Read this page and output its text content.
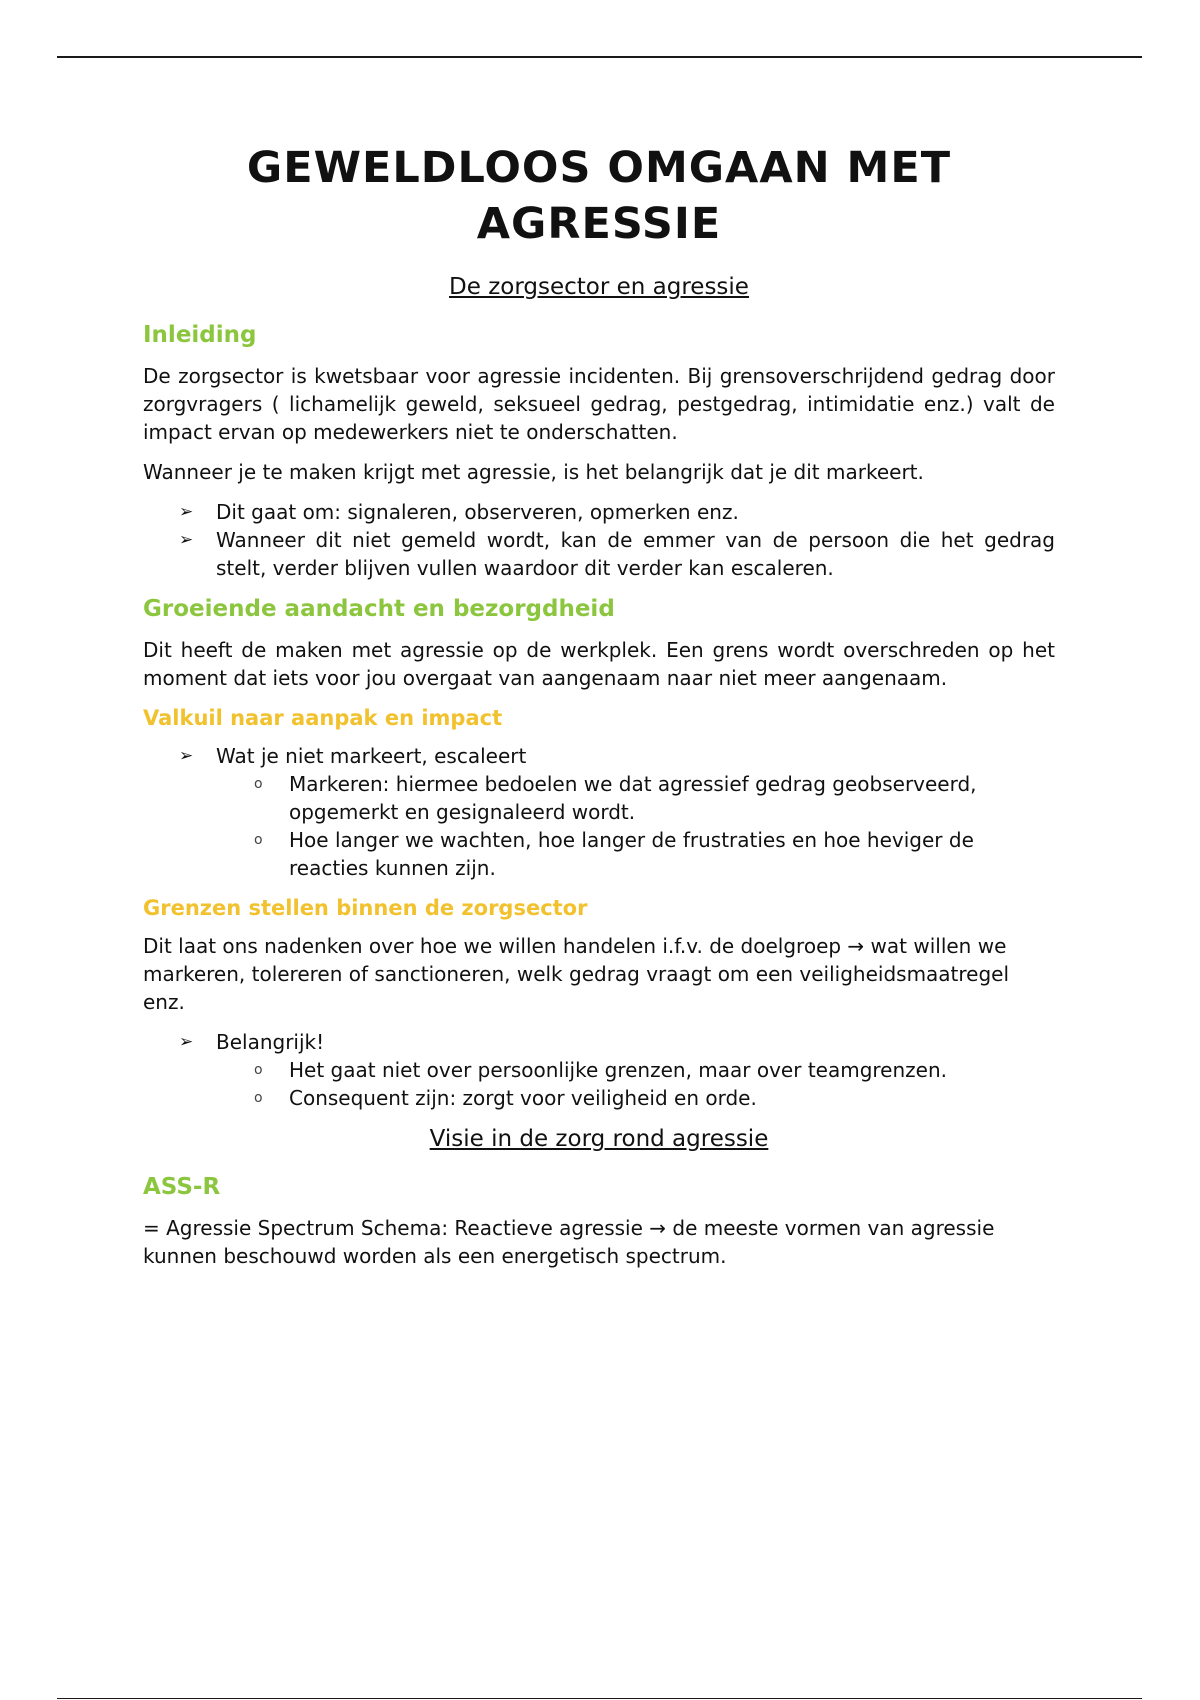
GEWELDLOOS OMGAAN MET AGRESSIE
De zorgsector en agressie
Inleiding

De zorgsector is kwetsbaar voor agressie incidenten. Bij grensoverschrijdend gedrag door zorgvragers ( lichamelijk geweld, seksueel gedrag, pestgedrag, intimidatie enz.) valt de impact ervan op medewerkers niet te onderschatten.

Wanneer je te maken krijgt met agressie, is het belangrijk dat je dit markeert.

➢ Dit gaat om: signaleren, observeren, opmerken enz.
➢ Wanneer dit niet gemeld wordt, kan de emmer van de persoon die het gedrag stelt, verder blijven vullen waardoor dit verder kan escaleren.
Groeiende aandacht en bezorgdheid

Dit heeft de maken met agressie op de werkplek. Een grens wordt overschreden op het moment dat iets voor jou overgaat van aangenaam naar niet meer aangenaam.

Valkuil naar aanpak en impact
➢ Wat je niet markeert, escaleert
o Markeren: hiermee bedoelen we dat agressief gedrag geobserveerd, opgemerkt en gesignaleerd wordt.
o Hoe langer we wachten, hoe langer de frustraties en hoe heviger de reacties kunnen zijn.
Grenzen stellen binnen de zorgsector

Dit laat ons nadenken over hoe we willen handelen i.f.v. de doelgroep → wat willen we markeren, tolereren of sanctioneren, welk gedrag vraagt om een veiligheidsmaatregel enz.

➢ Belangrijk!
o Het gaat niet over persoonlijke grenzen, maar over teamgrenzen.
o Consequent zijn: zorgt voor veiligheid en orde.
Visie in de zorg rond agressie
ASS-R

= Agressie Spectrum Schema: Reactieve agressie → de meeste vormen van agressie kunnen beschouwd worden als een energetisch spectrum.
